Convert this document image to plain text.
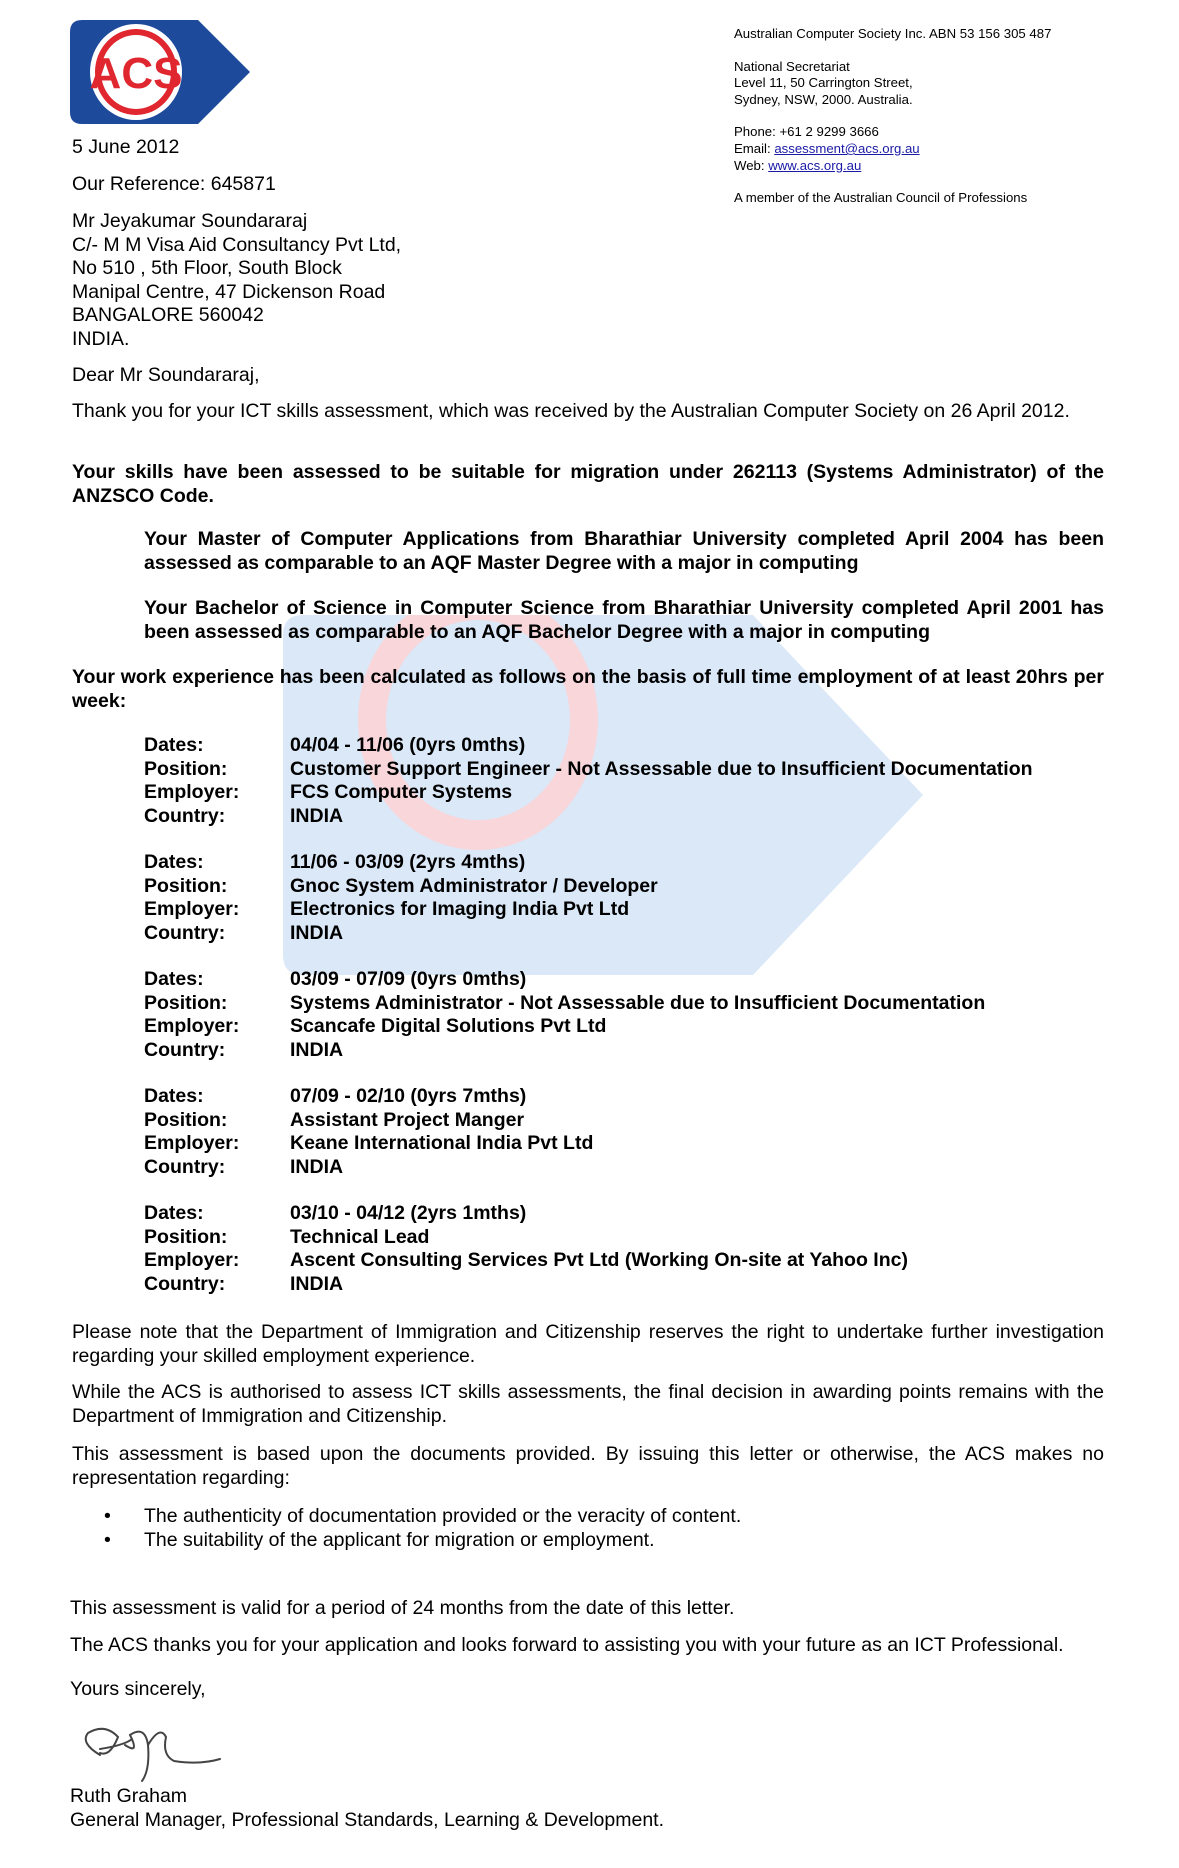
ACS
Australian Computer Society Inc. ABN 53 156 305 487
National Secretariat
Level 11, 50 Carrington Street,
Sydney, NSW, 2000. Australia.
Phone: +61 2 9299 3666
Email: assessment@acs.org.au
Web: www.acs.org.au
A member of the Australian Council of Professions

5 June 2012

Our Reference: 645871

Mr Jeyakumar Soundararaj
C/- M M Visa Aid Consultancy Pvt Ltd,
No 510 , 5th Floor, South Block
Manipal Centre, 47 Dickenson Road
BANGALORE 560042
INDIA.

Dear Mr Soundararaj,

Thank you for your ICT skills assessment, which was received by the Australian Computer Society on 26 April 2012.

Your skills have been assessed to be suitable for migration under 262113 (Systems Administrator) of the ANZSCO Code.

Your Master of Computer Applications from Bharathiar University completed April 2004 has been assessed as comparable to an AQF Master Degree with a major in computing

Your Bachelor of Science in Computer Science from Bharathiar University completed April 2001 has been assessed as comparable to an AQF Bachelor Degree with a major in computing

Your work experience has been calculated as follows on the basis of full time employment of at least 20hrs per week:

Dates:	04/04 - 11/06 (0yrs 0mths)
Position:	Customer Support Engineer - Not Assessable due to Insufficient Documentation
Employer:	FCS Computer Systems
Country:	INDIA
Dates:	11/06 - 03/09 (2yrs 4mths)
Position:	Gnoc System Administrator / Developer
Employer:	Electronics for Imaging India Pvt Ltd
Country:	INDIA
Dates:	03/09 - 07/09 (0yrs 0mths)
Position:	Systems Administrator - Not Assessable due to Insufficient Documentation
Employer:	Scancafe Digital Solutions Pvt Ltd
Country:	INDIA
Dates:	07/09 - 02/10 (0yrs 7mths)
Position:	Assistant Project Manger
Employer:	Keane International India Pvt Ltd
Country:	INDIA
Dates:	03/10 - 04/12 (2yrs 1mths)
Position:	Technical Lead
Employer:	Ascent Consulting Services Pvt Ltd (Working On-site at Yahoo Inc)
Country:	INDIA

Please note that the Department of Immigration and Citizenship reserves the right to undertake further investigation regarding your skilled employment experience.

While the ACS is authorised to assess ICT skills assessments, the final decision in awarding points remains with the Department of Immigration and Citizenship.

This assessment is based upon the documents provided. By issuing this letter or otherwise, the ACS makes no representation regarding:

•	The authenticity of documentation provided or the veracity of content.
•	The suitability of the applicant for migration or employment.

This assessment is valid for a period of 24 months from the date of this letter.

The ACS thanks you for your application and looks forward to assisting you with your future as an ICT Professional.

Yours sincerely,

Ruth Graham

General Manager, Professional Standards, Learning & Development.
